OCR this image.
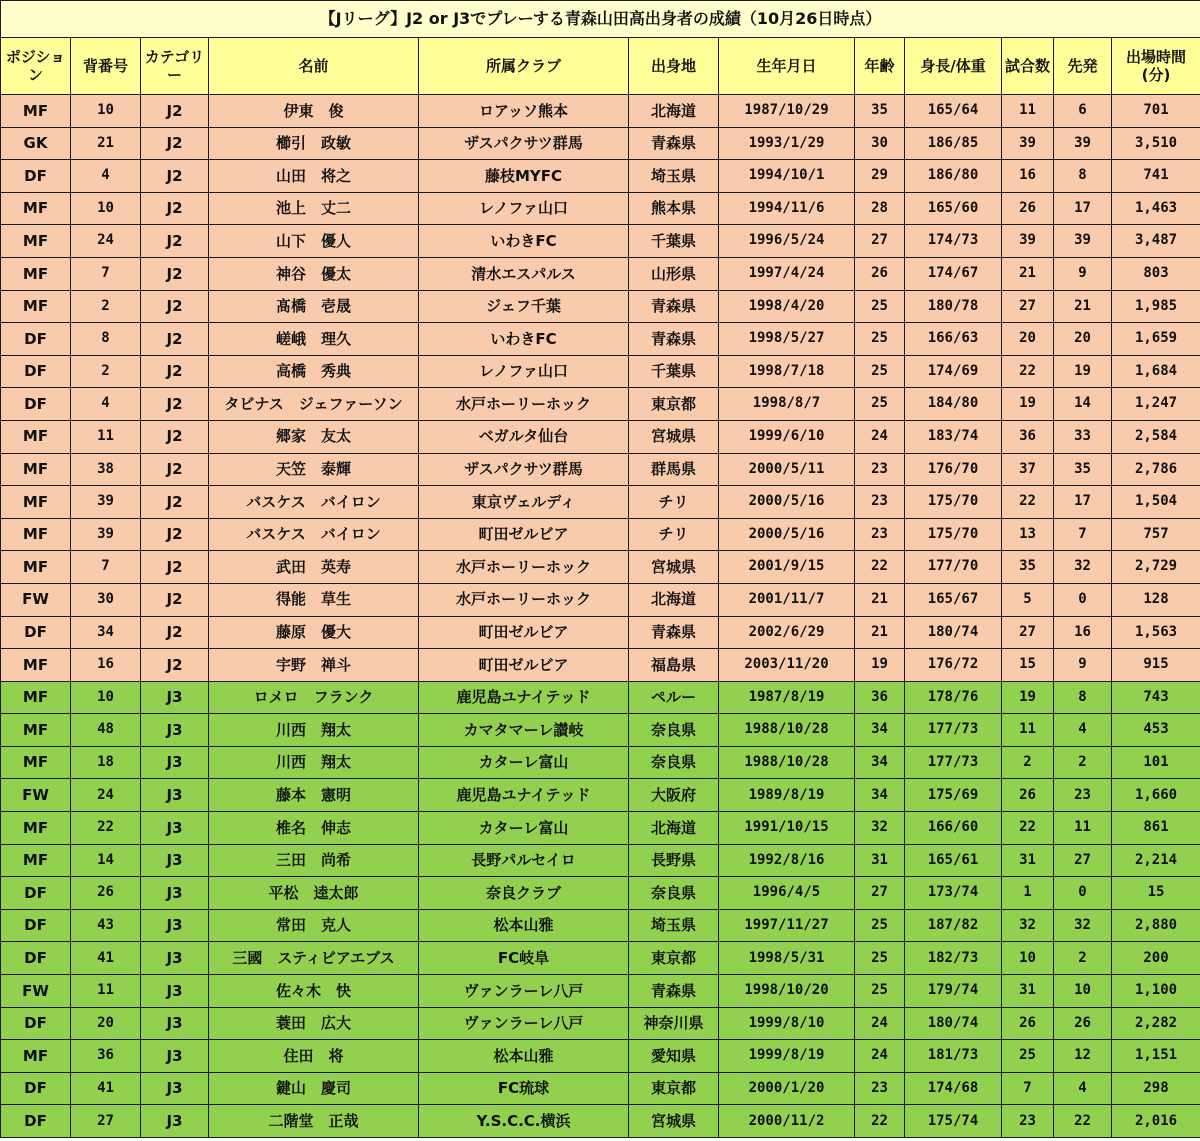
【Jリーグ】J2 or J3でプレーする青森山田高出身者の成績（10月26日時点）											
ポジション	背番号	カテゴリー	名前	所属クラブ	出身地	生年月日	年齢	身長/体重	試合数	先発	出場時間(分)
MF	10	J2	伊東　俊	ロアッソ熊本	北海道	1987/10/29	35	165/64	11	6	701
GK	21	J2	櫛引　政敏	ザスパクサツ群馬	青森県	1993/1/29	30	186/85	39	39	3,510
DF	4	J2	山田　将之	藤枝MYFC	埼玉県	1994/10/1	29	186/80	16	8	741
MF	10	J2	池上　丈二	レノファ山口	熊本県	1994/11/6	28	165/60	26	17	1,463
MF	24	J2	山下　優人	いわきFC	千葉県	1996/5/24	27	174/73	39	39	3,487
MF	7	J2	神谷　優太	清水エスパルス	山形県	1997/4/24	26	174/67	21	9	803
MF	2	J2	髙橋　壱晟	ジェフ千葉	青森県	1998/4/20	25	180/78	27	21	1,985
DF	8	J2	嵯峨　理久	いわきFC	青森県	1998/5/27	25	166/63	20	20	1,659
DF	2	J2	高橋　秀典	レノファ山口	千葉県	1998/7/18	25	174/69	22	19	1,684
DF	4	J2	タビナス　ジェファーソン	水戸ホーリーホック	東京都	1998/8/7	25	184/80	19	14	1,247
MF	11	J2	郷家　友太	ベガルタ仙台	宮城県	1999/6/10	24	183/74	36	33	2,584
MF	38	J2	天笠　泰輝	ザスパクサツ群馬	群馬県	2000/5/11	23	176/70	37	35	2,786
MF	39	J2	バスケス　バイロン	東京ヴェルディ	チリ	2000/5/16	23	175/70	22	17	1,504
MF	39	J2	バスケス　バイロン	町田ゼルビア	チリ	2000/5/16	23	175/70	13	7	757
MF	7	J2	武田　英寿	水戸ホーリーホック	宮城県	2001/9/15	22	177/70	35	32	2,729
FW	30	J2	得能　草生	水戸ホーリーホック	北海道	2001/11/7	21	165/67	5	0	128
DF	34	J2	藤原　優大	町田ゼルビア	青森県	2002/6/29	21	180/74	27	16	1,563
MF	16	J2	宇野　禅斗	町田ゼルビア	福島県	2003/11/20	19	176/72	15	9	915
MF	10	J3	ロメロ　フランク	鹿児島ユナイテッド	ペルー	1987/8/19	36	178/76	19	8	743
MF	48	J3	川西　翔太	カマタマーレ讃岐	奈良県	1988/10/28	34	177/73	11	4	453
MF	18	J3	川西　翔太	カターレ富山	奈良県	1988/10/28	34	177/73	2	2	101
FW	24	J3	藤本　憲明	鹿児島ユナイテッド	大阪府	1989/8/19	34	175/69	26	23	1,660
MF	22	J3	椎名　伸志	カターレ富山	北海道	1991/10/15	32	166/60	22	11	861
MF	14	J3	三田　尚希	長野パルセイロ	長野県	1992/8/16	31	165/61	31	27	2,214
DF	26	J3	平松　逵太郎	奈良クラブ	奈良県	1996/4/5	27	173/74	1	0	15
DF	43	J3	常田　克人	松本山雅	埼玉県	1997/11/27	25	187/82	32	32	2,880
DF	41	J3	三國　スティビアエブス	FC岐阜	東京都	1998/5/31	25	182/73	10	2	200
FW	11	J3	佐々木　快	ヴァンラーレ八戸	青森県	1998/10/20	25	179/74	31	10	1,100
DF	20	J3	蓑田　広大	ヴァンラーレ八戸	神奈川県	1999/8/10	24	180/74	26	26	2,282
MF	36	J3	住田　将	松本山雅	愛知県	1999/8/19	24	181/73	25	12	1,151
DF	41	J3	鍵山　慶司	FC琉球	東京都	2000/1/20	23	174/68	7	4	298
DF	27	J3	二階堂　正哉	Y.S.C.C.横浜	宮城県	2000/11/2	22	175/74	23	22	2,016
